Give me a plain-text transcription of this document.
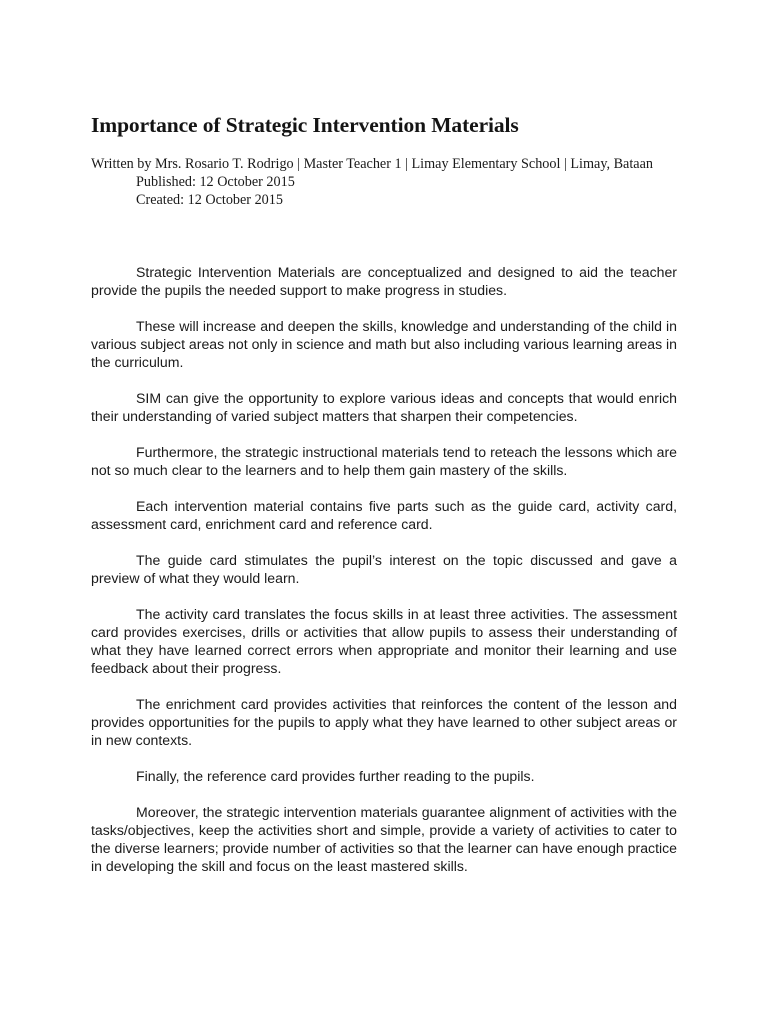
Importance of Strategic Intervention Materials
Written by Mrs. Rosario T. Rodrigo | Master Teacher 1 | Limay Elementary School | Limay, Bataan
Published: 12 October 2015
Created: 12 October 2015

Strategic Intervention Materials are conceptualized and designed to aid the teacher provide the pupils the needed support to make progress in studies.

These will increase and deepen the skills, knowledge and understanding of the child in various subject areas not only in science and math but also including various learning areas in the curriculum.

SIM can give the opportunity to explore various ideas and concepts that would enrich their understanding of varied subject matters that sharpen their competencies.

Furthermore, the strategic instructional materials tend to reteach the lessons which are not so much clear to the learners and to help them gain mastery of the skills.

Each intervention material contains five parts such as the guide card, activity card, assessment card, enrichment card and reference card.

The guide card stimulates the pupil’s interest on the topic discussed and gave a preview of what they would learn.

The activity card translates the focus skills in at least three activities. The assessment card provides exercises, drills or activities that allow pupils to assess their understanding of what they have learned correct errors when appropriate and monitor their learning and use feedback about their progress.

The enrichment card provides activities that reinforces the content of the lesson and provides opportunities for the pupils to apply what they have learned to other subject areas or in new contexts.

Finally, the reference card provides further reading to the pupils.

Moreover, the strategic intervention materials guarantee alignment of activities with the tasks/objectives, keep the activities short and simple, provide a variety of activities to cater to the diverse learners; provide number of activities so that the learner can have enough practice in developing the skill and focus on the least mastered skills.
